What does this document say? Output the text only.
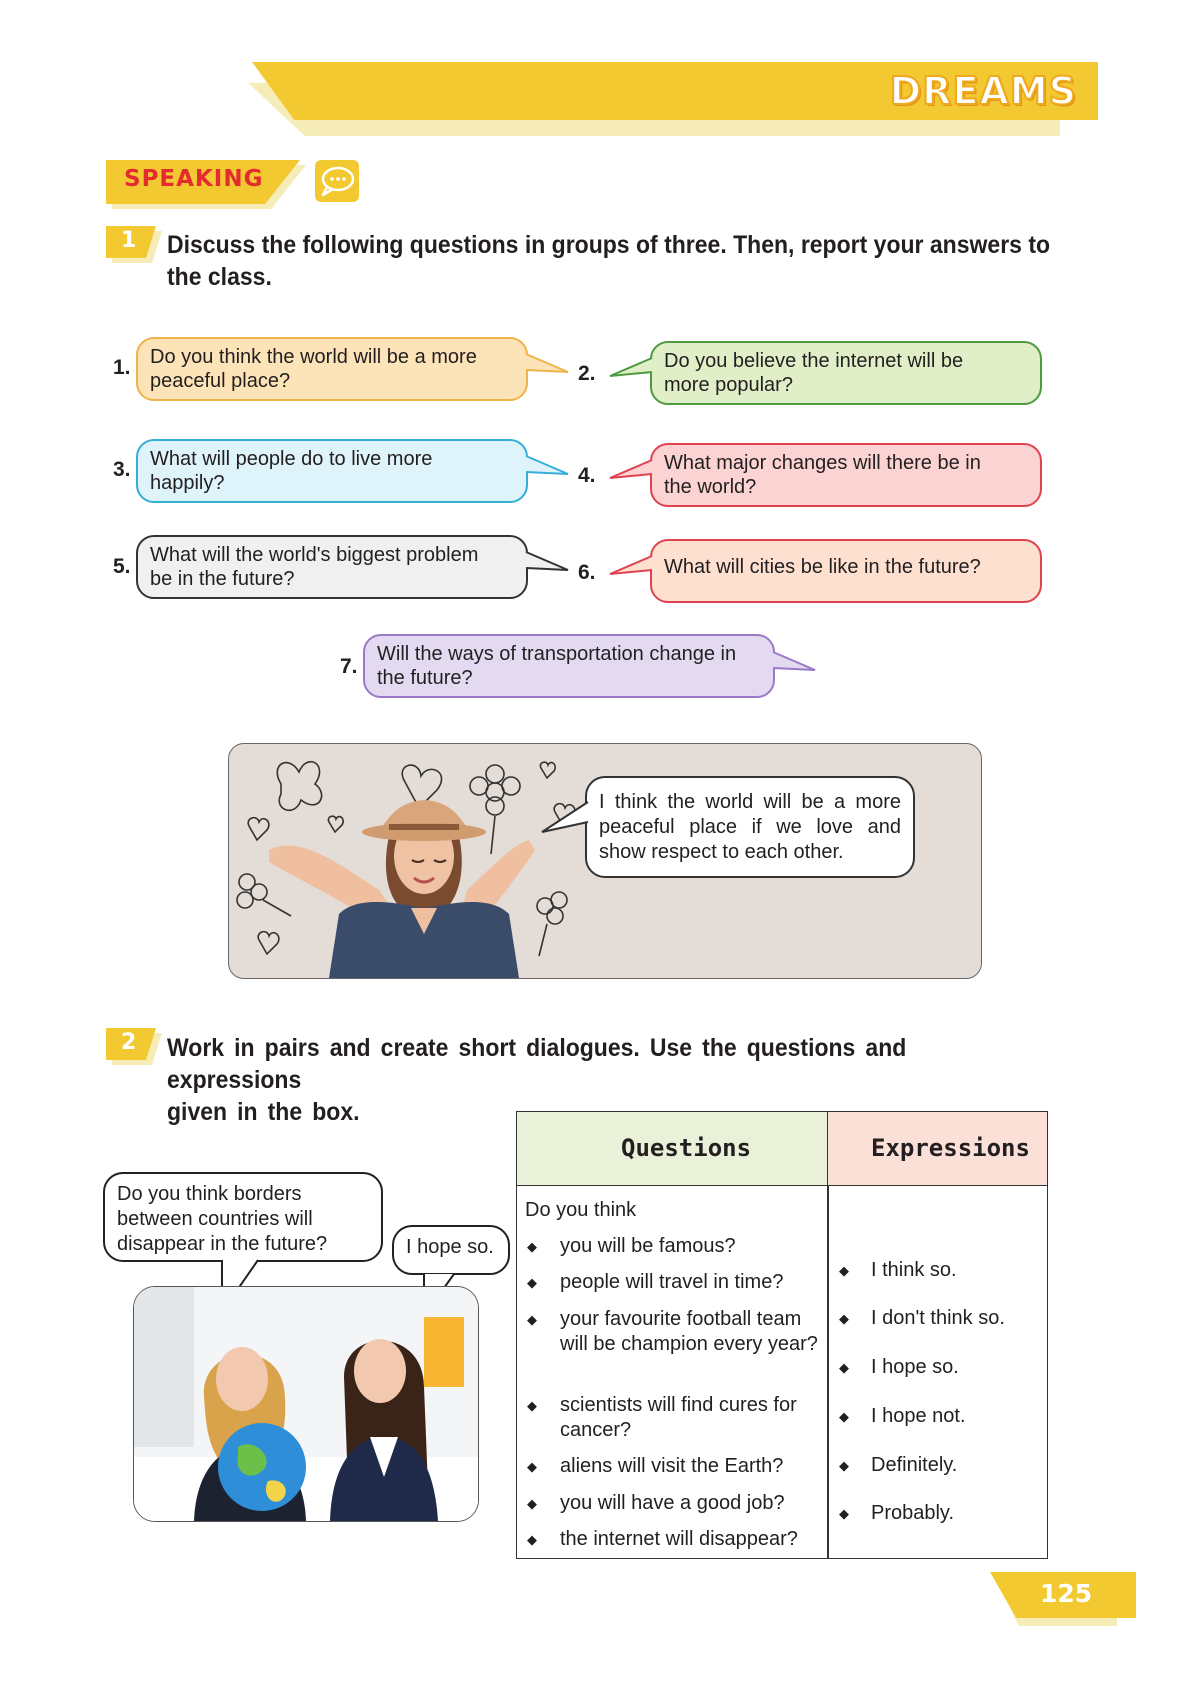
DREAMS
SPEAKING
1 Discuss the following questions in groups of three. Then, report your answers to
the class.
1. Do you think the world will be a more
peaceful place?	2.
Do you believe the internet will be
more popular?
3. What will people do to live more
happily?	4.
What major changes will there be in
the world?
5. What will the world's biggest problem
be in the future?	6.	What will cities be like in the future?
7.
Will the ways of transportation change in
the future?
I think the world will be a more peaceful place if we love and show respect to each other.
2 Work in pairs and create short dialogues. Use the questions and expressions
given in the box.
Do you think borders between countries will disappear in the future?	I hope so.
Questions	Expressions
Do you think
◆ you will be famous?
◆ people will travel in time?
◆ your favourite football team will be champion every year?
◆ scientists will find cures for cancer?
◆ aliens will visit the Earth?
◆ you will have a good job?
◆ the internet will disappear?
◆ I think so.
◆ I don't think so.
◆ I hope so.
◆ I hope not.
◆ Definitely.
◆ Probably.
125
